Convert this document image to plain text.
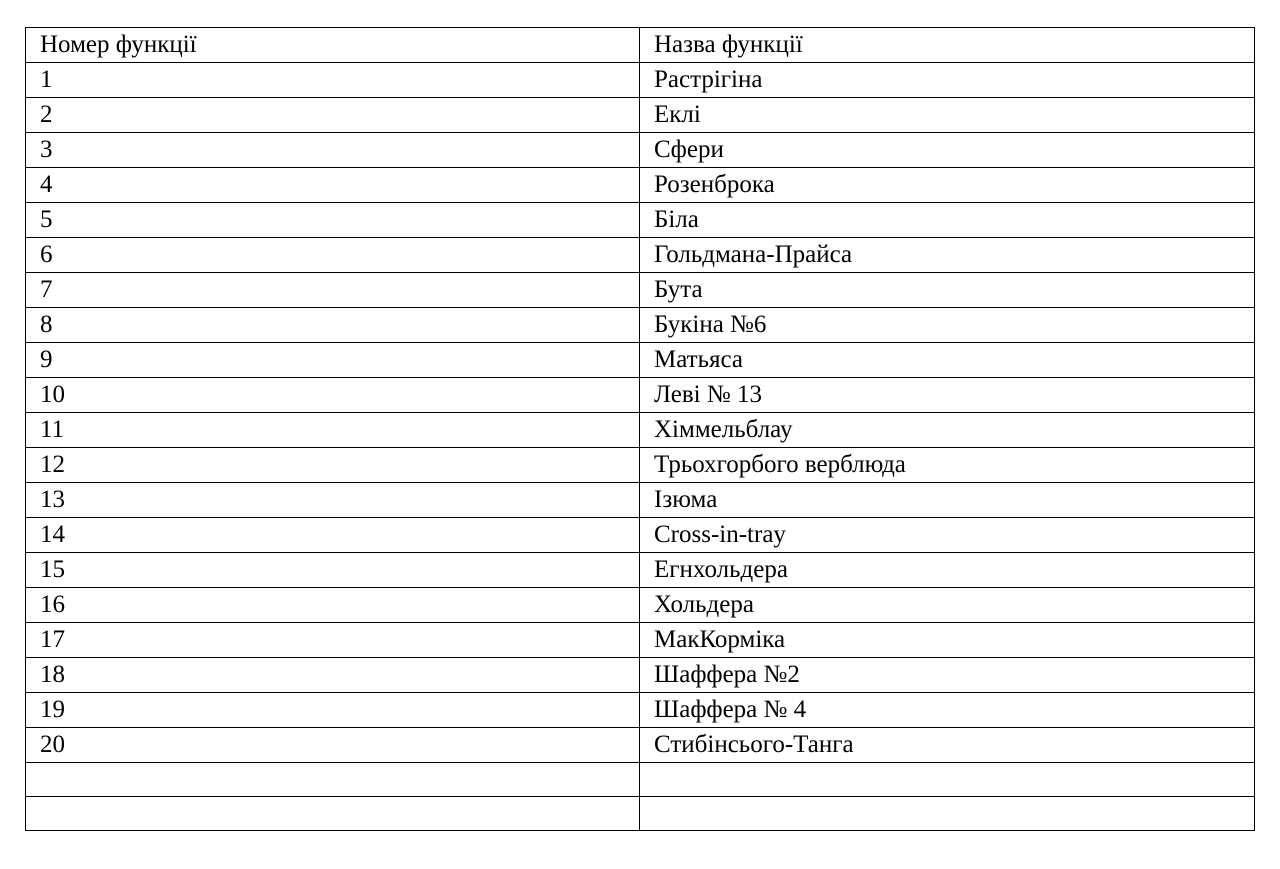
Номер функції	Назва функції
1	Растрігіна
2	Еклі
3	Сфери
4	Розенброка
5	Біла
6	Гольдмана-Прайса
7	Бута
8	Букіна №6
9	Матьяса
10	Леві № 13
11	Хіммельблау
12	Трьохгорбого верблюда
13	Ізюма
14	Cross-in-tray
15	Егнхольдера
16	Хольдера
17	МакКорміка
18	Шаффера №2
19	Шаффера № 4
20	Стибінсього-Танга
